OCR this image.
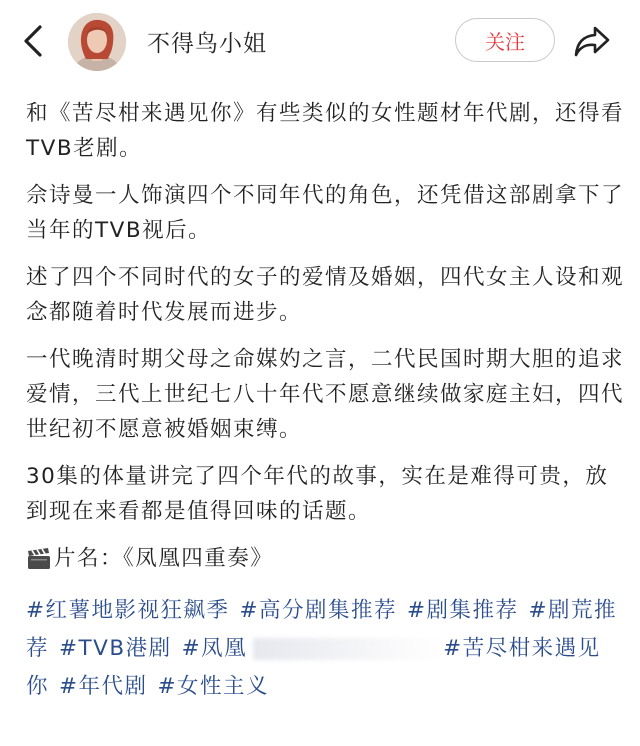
不得鸟小姐	关注

和《苦尽柑来遇见你》有些类似的女性题材年代剧，还得看TVB老剧。

佘诗曼一人饰演四个不同年代的角色，还凭借这部剧拿下了当年的TVB视后。

述了四个不同时代的女子的爱情及婚姻，四代女主人设和观念都随着时代发展而进步。

一代晚清时期父母之命媒妁之言，二代民国时期大胆的追求爱情，三代上世纪七八十年代不愿意继续做家庭主妇，四代世纪初不愿意被婚姻束缚。

30集的体量讲完了四个年代的故事，实在是难得可贵，放到现在来看都是值得回味的话题。

片名：《凤凰四重奏》
#红薯地影视狂飙季 #高分剧集推荐 #剧集推荐 #剧荒推荐 #TVB港剧 #凤凰	#苦尽柑来遇见你 #年代剧 #女性主义
